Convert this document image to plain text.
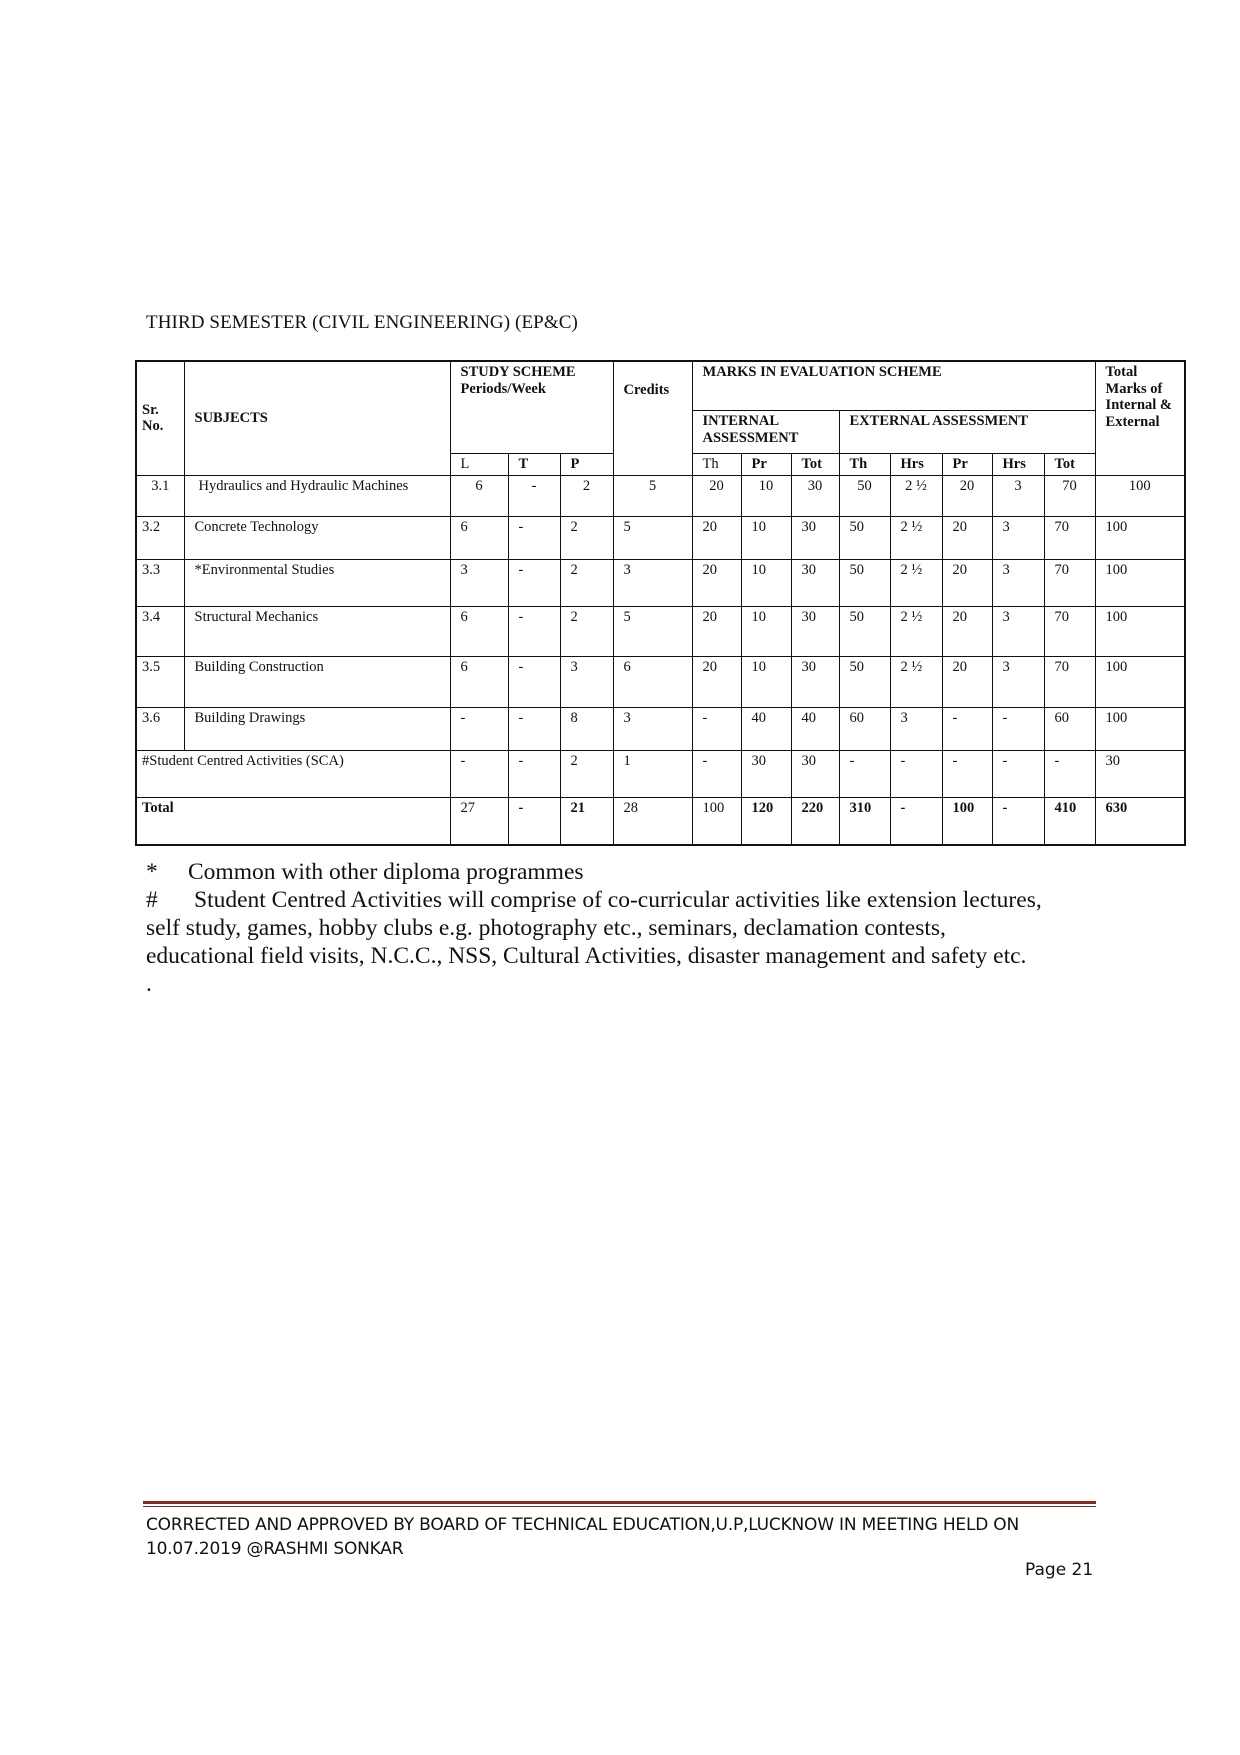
THIRD SEMESTER (CIVIL ENGINEERING) (EP&C)
Sr. No.	SUBJECTS	STUDY SCHEME Periods/Week			Credits	MARKS IN EVALUATION SCHEME								Total Marks of Internal & External
						INTERNAL ASSESSMENT			EXTERNAL ASSESSMENT					
		L	T	P		Th	Pr	Tot	Th	Hrs	Pr	Hrs	Tot	
3.1	Hydraulics and Hydraulic Machines	6	-	2	5	20	10	30	50	2 ½	20	3	70	100
3.2	Concrete Technology	6	-	2	5	20	10	30	50	2 ½	20	3	70	100
3.3	*Environmental Studies	3	-	2	3	20	10	30	50	2 ½	20	3	70	100
3.4	Structural Mechanics	6	-	2	5	20	10	30	50	2 ½	20	3	70	100
3.5	Building Construction	6	-	3	6	20	10	30	50	2 ½	20	3	70	100
3.6	Building Drawings	-	-	8	3	-	40	40	60	3	-	-	60	100
#Student Centred Activities (SCA)		-	-	2	1	-	30	30	-	-	-	-	-	30
Total		27	-	21	28	100	120	220	310	-	100	-	410	630
* Common with other diploma programmes
# Student Centred Activities will comprise of co-curricular activities like extension lectures,
self study, games, hobby clubs e.g. photography etc., seminars, declamation contests,
educational field visits, N.C.C., NSS, Cultural Activities, disaster management and safety etc.
.
CORRECTED AND APPROVED BY BOARD OF TECHNICAL EDUCATION,U.P,LUCKNOW IN MEETING HELD ON
10.07.2019 @RASHMI SONKAR
Page 21
